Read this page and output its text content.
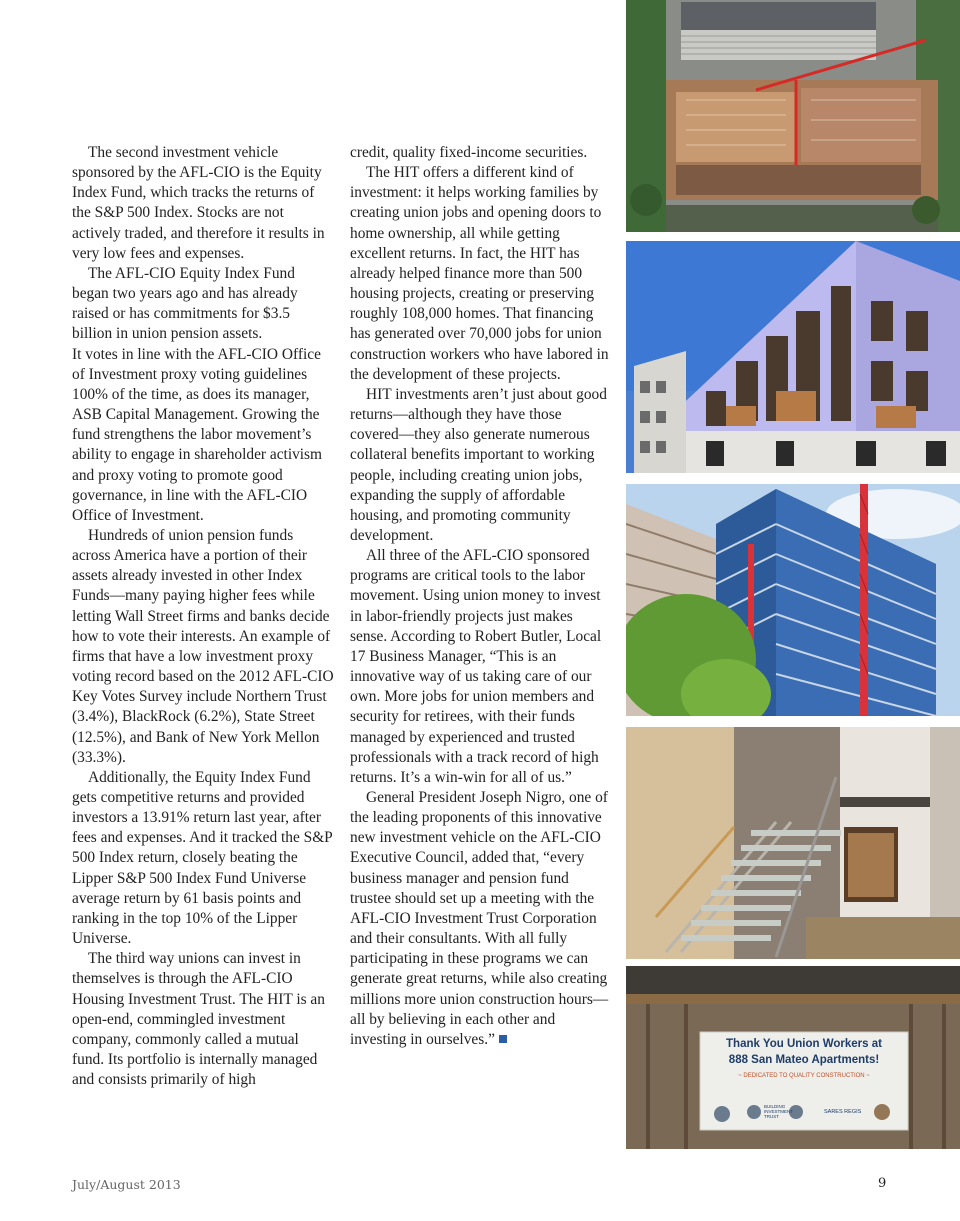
The second investment vehicle sponsored by the AFL-CIO is the Equity Index Fund, which tracks the returns of the S&P 500 Index. Stocks are not actively traded, and therefore it results in very low fees and expenses.

The AFL-CIO Equity Index Fund began two years ago and has already raised or has commitments for $3.5 billion in union pension assets.

It votes in line with the AFL-CIO Office of Investment proxy voting guidelines 100% of the time, as does its manager, ASB Capital Management. Growing the fund strengthens the labor movement’s ability to engage in shareholder activism and proxy voting to promote good governance, in line with the AFL-CIO Office of Investment.

Hundreds of union pension funds across America have a portion of their assets already invested in other Index Funds—many paying higher fees while letting Wall Street firms and banks decide how to vote their interests. An example of firms that have a low investment proxy voting record based on the 2012 AFL-CIO Key Votes Survey include Northern Trust (3.4%), BlackRock (6.2%), State Street (12.5%), and Bank of New York Mellon (33.3%).

Additionally, the Equity Index Fund gets competitive returns and provided investors a 13.91% return last year, after fees and expenses. And it tracked the S&P 500 Index return, closely beating the Lipper S&P 500 Index Fund Universe average return by 61 basis points and ranking in the top 10% of the Lipper Universe.

The third way unions can invest in themselves is through the AFL-CIO Housing Investment Trust. The HIT is an open-end, commingled investment company, commonly called a mutual fund. Its portfolio is internally managed and consists primarily of high

credit, quality fixed-income securities.

The HIT offers a different kind of investment: it helps working families by creating union jobs and opening doors to home ownership, all while getting excellent returns. In fact, the HIT has already helped finance more than 500 housing projects, creating or preserving roughly 108,000 homes. That financing has generated over 70,000 jobs for union construction workers who have labored in the development of these projects.

HIT investments aren’t just about good returns—although they have those covered—they also generate numerous collateral benefits important to working people, including creating union jobs, expanding the supply of affordable housing, and promoting community development.

All three of the AFL-CIO sponsored programs are critical tools to the labor movement. Using union money to invest in labor-friendly projects just makes sense. According to Robert Butler, Local 17 Business Manager, “This is an innovative way of us taking care of our own. More jobs for union members and security for retirees, with their funds managed by experienced and trusted professionals with a track record of high returns. It’s a win-win for all of us.”

General President Joseph Nigro, one of the leading proponents of this innovative new investment vehicle on the AFL-CIO Executive Council, added that, “every business manager and pension fund trustee should set up a meeting with the AFL-CIO Investment Trust Corporation and their consultants. With all fully participating in these programs we can generate great returns, while also creating millions more union construction hours—all by believing in each other and investing in ourselves.”	Thank You Union Workers at
888 San Mateo Apartments!
~ DEDICATED TO QUALITY CONSTRUCTION ~
BUILDING INVESTMENT TRUST
SARES REGIS
July/August 2013	9
